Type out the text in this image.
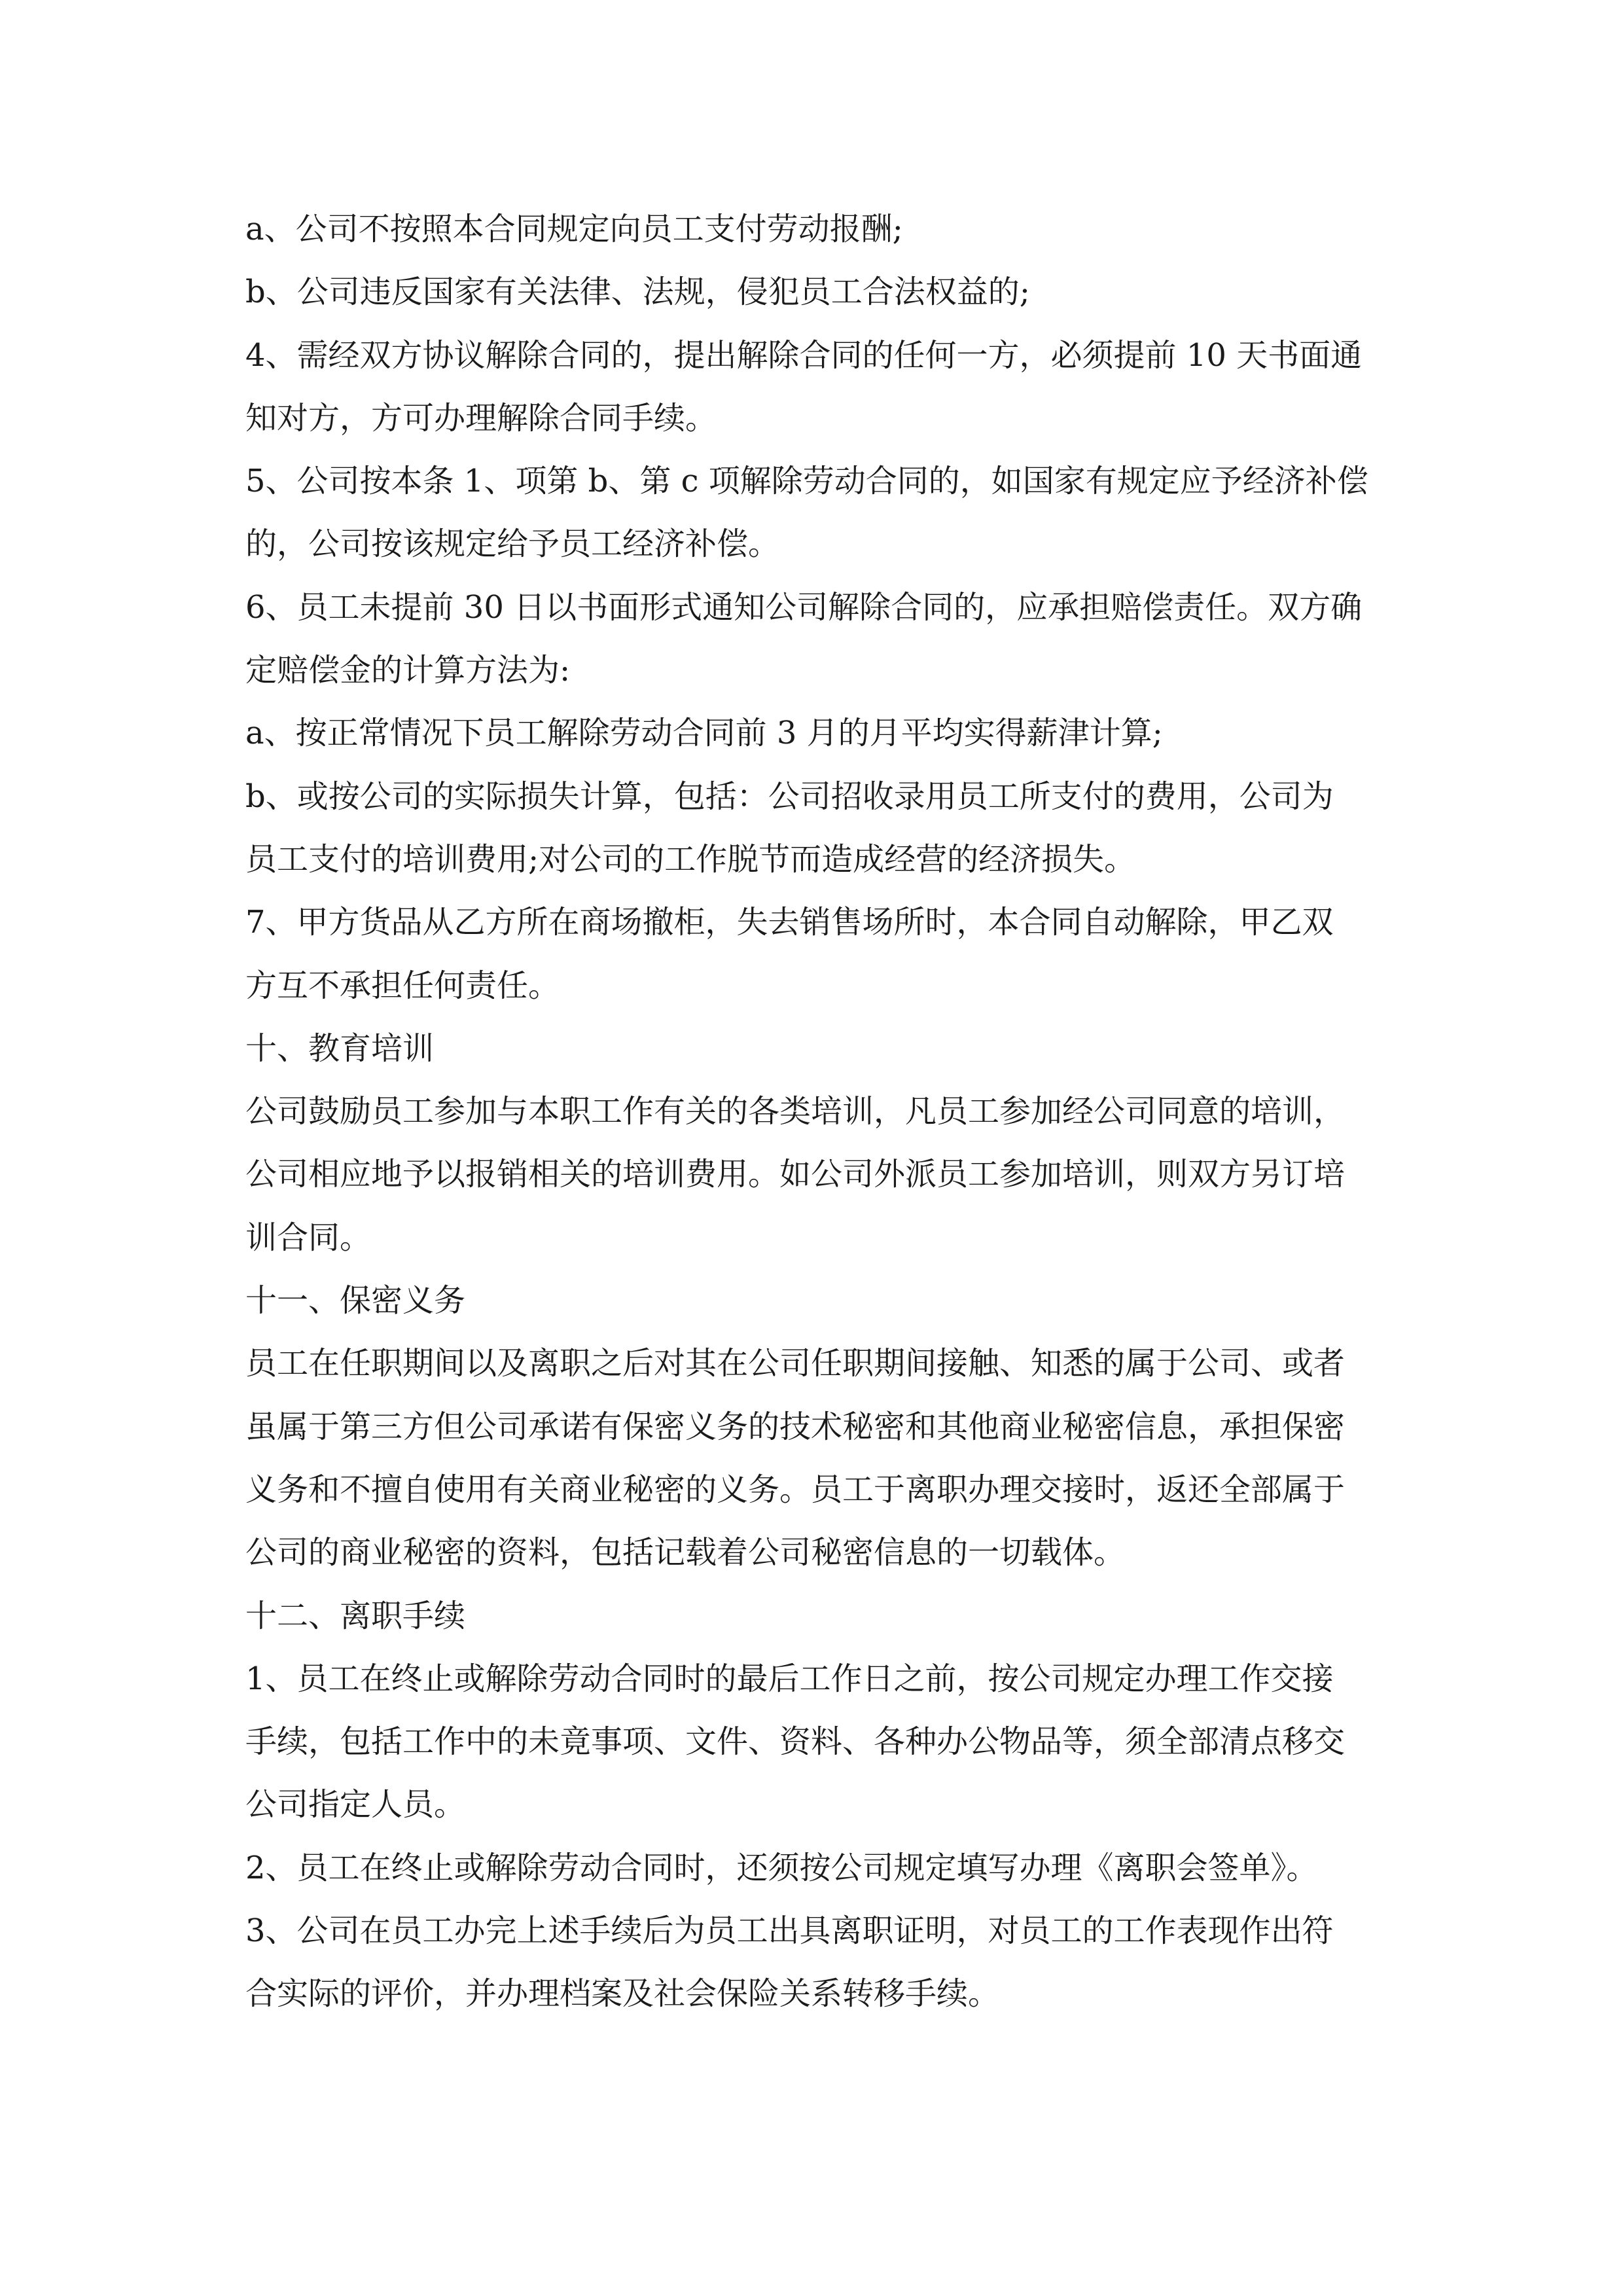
a、公司不按照本合同规定向员工支付劳动报酬;
b、公司违反国家有关法律、法规，侵犯员工合法权益的;
4、需经双方协议解除合同的，提出解除合同的任何一方，必须提前 10 天书面通
知对方，方可办理解除合同手续。
5、公司按本条 1、项第 b、第 c 项解除劳动合同的，如国家有规定应予经济补偿
的，公司按该规定给予员工经济补偿。
6、员工未提前 30 日以书面形式通知公司解除合同的，应承担赔偿责任。双方确
定赔偿金的计算方法为:
a、按正常情况下员工解除劳动合同前 3 月的月平均实得薪津计算;
b、或按公司的实际损失计算，包括：公司招收录用员工所支付的费用，公司为
员工支付的培训费用;对公司的工作脱节而造成经营的经济损失。
7、甲方货品从乙方所在商场撤柜，失去销售场所时，本合同自动解除，甲乙双
方互不承担任何责任。
十、教育培训
公司鼓励员工参加与本职工作有关的各类培训，凡员工参加经公司同意的培训，
公司相应地予以报销相关的培训费用。如公司外派员工参加培训，则双方另订培
训合同。
十一、保密义务
员工在任职期间以及离职之后对其在公司任职期间接触、知悉的属于公司、或者
虽属于第三方但公司承诺有保密义务的技术秘密和其他商业秘密信息，承担保密
义务和不擅自使用有关商业秘密的义务。员工于离职办理交接时，返还全部属于
公司的商业秘密的资料，包括记载着公司秘密信息的一切载体。
十二、离职手续
1、员工在终止或解除劳动合同时的最后工作日之前，按公司规定办理工作交接
手续，包括工作中的未竟事项、文件、资料、各种办公物品等，须全部清点移交
公司指定人员。
2、员工在终止或解除劳动合同时，还须按公司规定填写办理《离职会签单》。
3、公司在员工办完上述手续后为员工出具离职证明，对员工的工作表现作出符
合实际的评价，并办理档案及社会保险关系转移手续。
